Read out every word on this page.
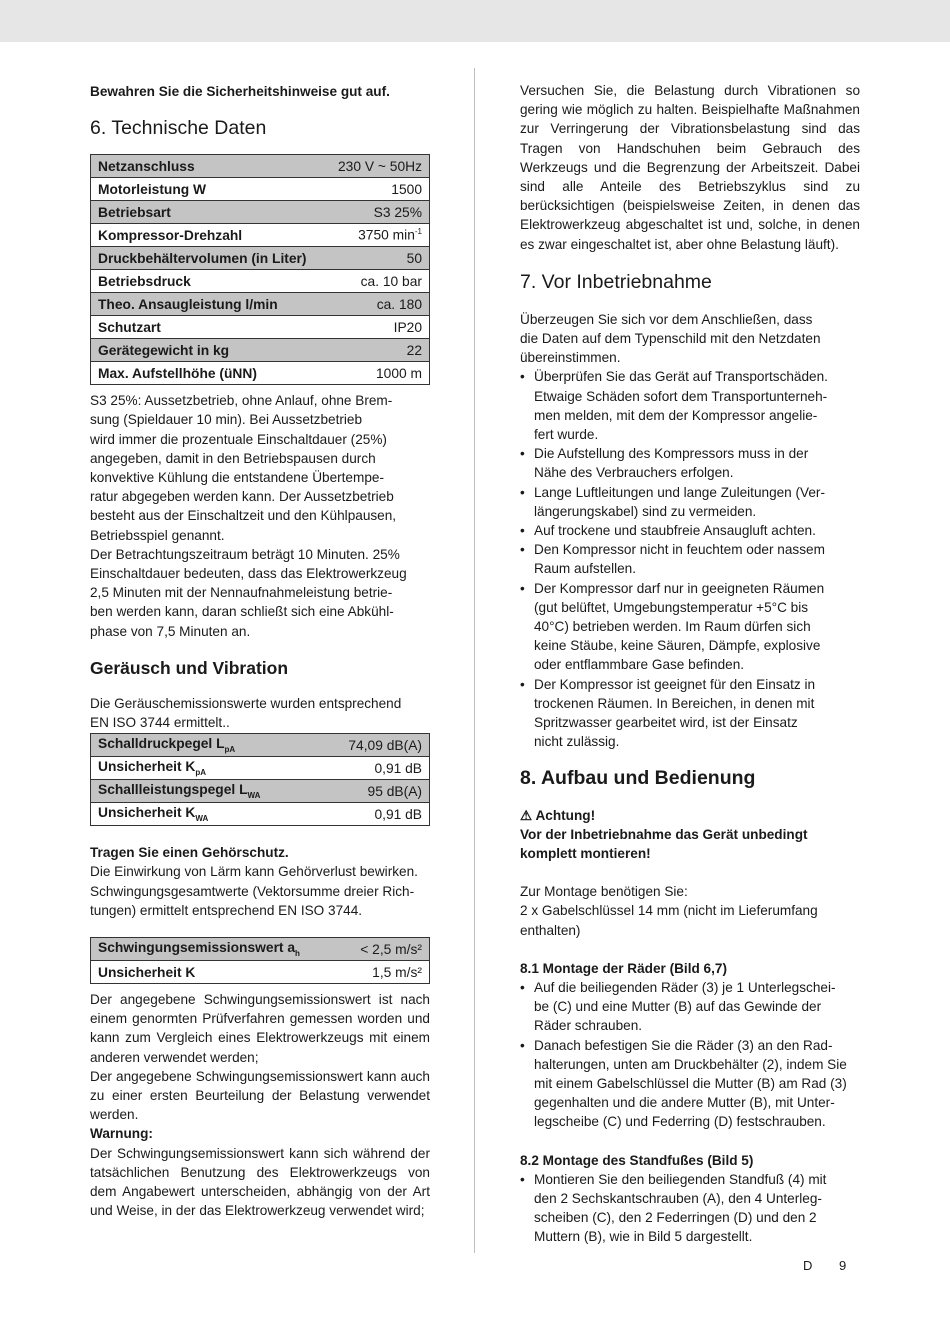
Bewahren Sie die Sicherheitshinweise gut auf.

6. Technische Daten
Netzanschluss	230 V ~ 50Hz
Motorleistung W	1500
Betriebsart	S3 25%
Kompressor-Drehzahl	3750 $\min^{-1}$
Druckbehältervolumen (in Liter)	50
Betriebsdruck	ca. 10 bar
Theo. Ansaugleistung l/min	ca. 180
Schutzart	IP20
Gerätegewicht in kg	22
Max. Aufstellhöhe (üNN)	1000 m

S3 25%: Aussetzbetrieb, ohne Anlauf, ohne Brem-

sung (Spieldauer 10 min). Bei Aussetzbetrieb

wird immer die prozentuale Einschaltdauer (25%)

angegeben, damit in den Betriebspausen durch

konvektive Kühlung die entstandene Übertempe-

ratur abgegeben werden kann. Der Aussetzbetrieb

besteht aus der Einschaltzeit und den Kühlpausen,

Betriebsspiel genannt.

Der Betrachtungszeitraum beträgt 10 Minuten. 25%

Einschaltdauer bedeuten, dass das Elektrowerkzeug

2,5 Minuten mit der Nennaufnahmeleistung betrie-

ben werden kann, daran schließt sich eine Abkühl-

phase von 7,5 Minuten an.

Geräusch und Vibration

Die Geräuschemissionswerte wurden entsprechend

EN ISO 3744 ermittelt..

Schalldruckpegel $L_{pA}$	74,09 dB(A)
Unsicherheit $K_{pA}$	0,91 dB
Schallleistungspegel $L_{WA}$	95 dB(A)
Unsicherheit $K_{WA}$	0,91 dB

Tragen Sie einen Gehörschutz.

Die Einwirkung von Lärm kann Gehörverlust bewirken.

Schwingungsgesamtwerte (Vektorsumme dreier Rich-

tungen) ermittelt entsprechend EN ISO 3744.

Schwingungsemissionswert $a_h$	< 2,5 m/s²
Unsicherheit K	1,5 m/s²

Der angegebene Schwingungsemissionswert ist nach einem genormten Prüfverfahren gemessen worden und kann zum Vergleich eines Elektrowerkzeugs mit einem anderen verwendet werden;

Der angegebene Schwingungsemissionswert kann auch zu einer ersten Beurteilung der Belastung verwendet werden.

Warnung:

Der Schwingungsemissionswert kann sich während der tatsächlichen Benutzung des Elektrowerkzeugs von dem Angabewert unterscheiden, abhängig von der Art und Weise, in der das Elektrowerkzeug verwendet wird;

Versuchen Sie, die Belastung durch Vibrationen so gering wie möglich zu halten. Beispielhafte Maßnahmen zur Verringerung der Vibrationsbelastung sind das Tragen von Handschuhen beim Gebrauch des Werkzeugs und die Begrenzung der Arbeitszeit. Dabei sind alle Anteile des Betriebszyklus sind zu berücksichtigen (beispielsweise Zeiten, in denen das Elektrowerkzeug abgeschaltet ist und, solche, in denen es zwar eingeschaltet ist, aber ohne Belastung läuft).

7. Vor Inbetriebnahme

Überzeugen Sie sich vor dem Anschließen, dass

die Daten auf dem Typenschild mit den Netzdaten

übereinstimmen.

• Überprüfen Sie das Gerät auf Transportschäden.
Etwaige Schäden sofort dem Transportunterneh-
men melden, mit dem der Kompressor angelie-
fert wurde.
• Die Aufstellung des Kompressors muss in der
Nähe des Verbrauchers erfolgen.
• Lange Luftleitungen und lange Zuleitungen (Ver-
längerungskabel) sind zu vermeiden.
• Auf trockene und staubfreie Ansaugluft achten.
• Den Kompressor nicht in feuchtem oder nassem
Raum aufstellen.
• Der Kompressor darf nur in geeigneten Räumen
(gut belüftet, Umgebungstemperatur +5°C bis
40°C) betrieben werden. Im Raum dürfen sich
keine Stäube, keine Säuren, Dämpfe, explosive
oder entflammbare Gase befinden.
• Der Kompressor ist geeignet für den Einsatz in
trockenen Räumen. In Bereichen, in denen mit
Spritzwasser gearbeitet wird, ist der Einsatz
nicht zulässig.
8. Aufbau und Bedienung

⚠ Achtung!

Vor der Inbetriebnahme das Gerät unbedingt

komplett montieren!

Zur Montage benötigen Sie:

2 x Gabelschlüssel 14 mm (nicht im Lieferumfang

enthalten)

8.1 Montage der Räder (Bild 6,7)

• Auf die beiliegenden Räder (3) je 1 Unterlegschei-
be (C) und eine Mutter (B) auf das Gewinde der
Räder schrauben.
• Danach befestigen Sie die Räder (3) an den Rad-
halterungen, unten am Druckbehälter (2), indem Sie
mit einem Gabelschlüssel die Mutter (B) am Rad (3)
gegenhalten und die andere Mutter (B), mit Unter-
legscheibe (C) und Federring (D) festschrauben.

8.2 Montage des Standfußes (Bild 5)

• Montieren Sie den beiliegenden Standfuß (4) mit
den 2 Sechskantschrauben (A), den 4 Unterleg-
scheiben (C), den 2 Federringen (D) und den 2
Muttern (B), wie in Bild 5 dargestellt.
D 9
